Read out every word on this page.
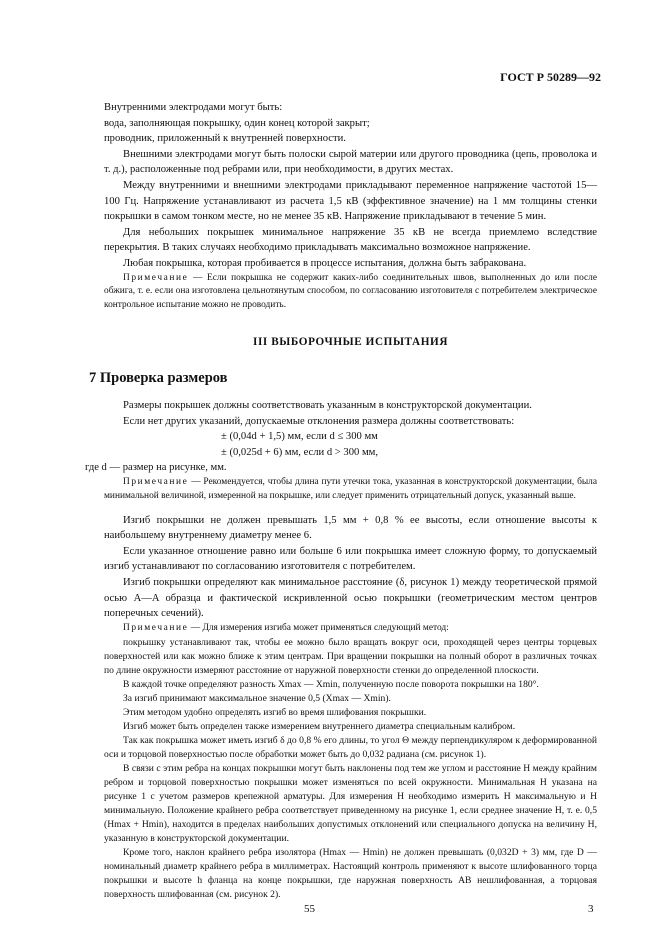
ГОСТ Р 50289—92

Внутренними электродами могут быть:

вода, заполняющая покрышку, один конец которой закрыт;

проводник, приложенный к внутренней поверхности.

Внешними электродами могут быть полоски сырой материи или другого проводника (цепь, проволока и т. д.), расположенные под ребрами или, при необходимости, в других местах.

Между внутренними и внешними электродами прикладывают переменное напряжение частотой 15—100 Гц. Напряжение устанавливают из расчета 1,5 кВ (эффективное значение) на 1 мм толщины стенки покрышки в самом тонком месте, но не менее 35 кВ. Напряжение прикладывают в течение 5 мин.

Для небольших покрышек минимальное напряжение 35 кВ не всегда приемлемо вследствие перекрытия. В таких случаях необходимо прикладывать максимально возможное напряжение.

Любая покрышка, которая пробивается в процессе испытания, должна быть забракована.

Примечание — Если покрышка не содержит каких-либо соединительных швов, выполненных до или после обжига, т. е. если она изготовлена цельнотянутым способом, по согласованию изготовителя с потребителем электрическое контрольное испытание можно не проводить.

III ВЫБОРОЧНЫЕ ИСПЫТАНИЯ
7 Проверка размеров

Размеры покрышек должны соответствовать указанным в конструкторской документации.

Если нет других указаний, допускаемые отклонения размера должны соответствовать:

± (0,04d + 1,5) мм, если d ≤ 300 мм

± (0,025d + 6) мм, если d > 300 мм,

где d — размер на рисунке, мм.

Примечание — Рекомендуется, чтобы длина пути утечки тока, указанная в конструкторской документации, была минимальной величиной, измеренной на покрышке, или следует применить отрицательный допуск, указанный выше.

Изгиб покрышки не должен превышать 1,5 мм + 0,8 % ее высоты, если отношение высоты к наибольшему внутреннему диаметру менее 6.

Если указанное отношение равно или больше 6 или покрышка имеет сложную форму, то допускаемый изгиб устанавливают по согласованию изготовителя с потребителем.

Изгиб покрышки определяют как минимальное расстояние (δ, рисунок 1) между теоретической прямой осью A—A образца и фактической искривленной осью покрышки (геометрическим местом центров поперечных сечений).

Примечание — Для измерения изгиба может применяться следующий метод:

покрышку устанавливают так, чтобы ее можно было вращать вокруг оси, проходящей через центры торцевых поверхностей или как можно ближе к этим центрам. При вращении покрышки на полный оборот в различных точках по длине окружности измеряют расстояние от наружной поверхности стенки до определенной плоскости.

В каждой точке определяют разность Xmax — Xmin, полученную после поворота покрышки на 180°.

За изгиб принимают максимальное значение 0,5 (Xmax — Xmin).

Этим методом удобно определять изгиб во время шлифования покрышки.

Изгиб может быть определен также измерением внутреннего диаметра специальным калибром.

Так как покрышка может иметь изгиб δ до 0,8 % его длины, то угол Θ между перпендикуляром к деформированной оси и торцовой поверхностью после обработки может быть до 0,032 радиана (см. рисунок 1).

В связи с этим ребра на концах покрышки могут быть наклонены под тем же углом и расстояние H между крайним ребром и торцовой поверхностью покрышки может изменяться по всей окружности. Минимальная H указана на рисунке 1 с учетом размеров крепежной арматуры. Для измерения H необходимо измерить H максимальную и H минимальную. Положение крайнего ребра соответствует приведенному на рисунке 1, если среднее значение H, т. е. 0,5 (Hmax + Hmin), находится в пределах наибольших допустимых отклонений или специального допуска на величину H, указанную в конструкторской документации.

Кроме того, наклон крайнего ребра изолятора (Hmax — Hmin) не должен превышать (0,032D + 3) мм, где D — номинальный диаметр крайнего ребра в миллиметрах. Настоящий контроль применяют к высоте шлифованного торца покрышки и высоте h фланца на конце покрышки, где наружная поверхность AB нешлифованная, а торцовая поверхность шлифованная (см. рисунок 2).

55	3
